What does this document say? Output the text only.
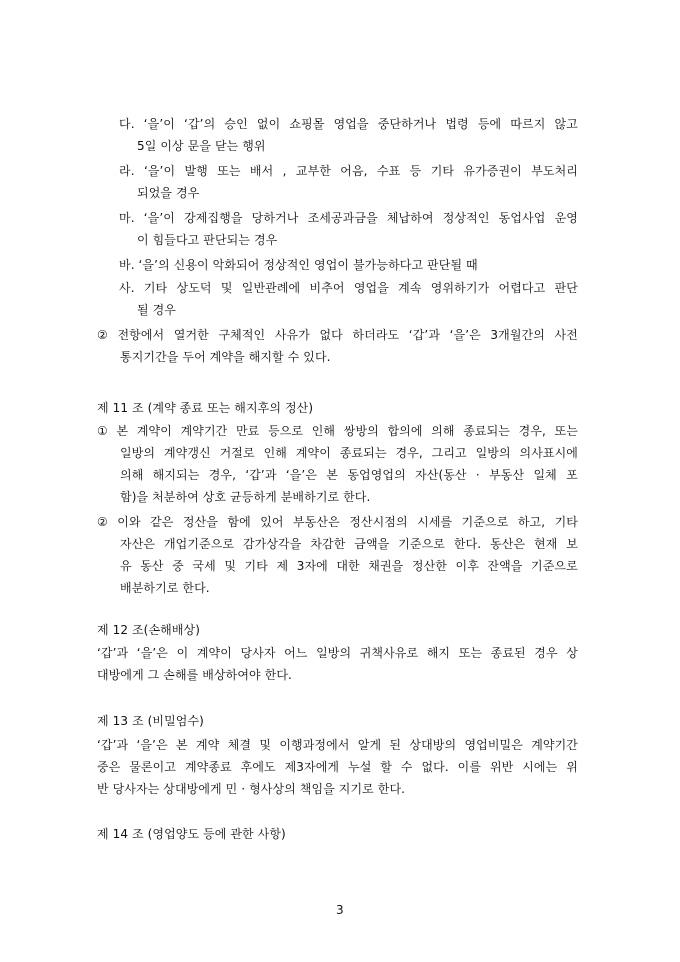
다. ‘을’이 ‘갑’의 승인 없이 쇼핑몰 영업을 중단하거나 법령 등에 따르지 않고
5일 이상 문을 닫는 행위
라. ‘을’이 발행 또는 배서 , 교부한 어음, 수표 등 기타 유가증권이 부도처리
되었을 경우
마. ‘을’이 강제집행을 당하거나 조세공과금을 체납하여 정상적인 동업사업 운영
이 힘들다고 판단되는 경우
바. ‘을’의 신용이 악화되어 정상적인 영업이 불가능하다고 판단될 때
사. 기타 상도덕 및 일반관례에 비추어 영업을 계속 영위하기가 어렵다고 판단
될 경우
② 전항에서 열거한 구체적인 사유가 없다 하더라도 ‘갑’과 ‘을’은 3개월간의 사전
통지기간을 두어 계약을 해지할 수 있다.
제 11 조 (계약 종료 또는 해지후의 정산)
① 본 계약이 계약기간 만료 등으로 인해 쌍방의 합의에 의해 종료되는 경우, 또는
일방의 계약갱신 거절로 인해 계약이 종료되는 경우, 그리고 일방의 의사표시에
의해 해지되는 경우, ‘갑’과 ‘을’은 본 동업영업의 자산(동산 · 부동산 일체 포
함)을 처분하여 상호 균등하게 분배하기로 한다.
② 이와 같은 정산을 함에 있어 부동산은 정산시점의 시세를 기준으로 하고, 기타
자산은 개업기준으로 감가상각을 차감한 금액을 기준으로 한다. 동산은 현재 보
유 동산 중 국세 및 기타 제 3자에 대한 채권을 정산한 이후 잔액을 기준으로
배분하기로 한다.
제 12 조(손해배상)
‘갑’과 ‘을’은 이 계약이 당사자 어느 일방의 귀책사유로 해지 또는 종료된 경우 상
대방에게 그 손해를 배상하여야 한다.
제 13 조 (비밀엄수)
‘갑’과 ‘을’은 본 계약 체결 및 이행과정에서 알게 된 상대방의 영업비밀은 계약기간
중은 물론이고 계약종료 후에도 제3자에게 누설 할 수 없다. 이를 위반 시에는 위
반 당사자는 상대방에게 민 · 형사상의 책임을 지기로 한다.
제 14 조 (영업양도 등에 관한 사항)
3
